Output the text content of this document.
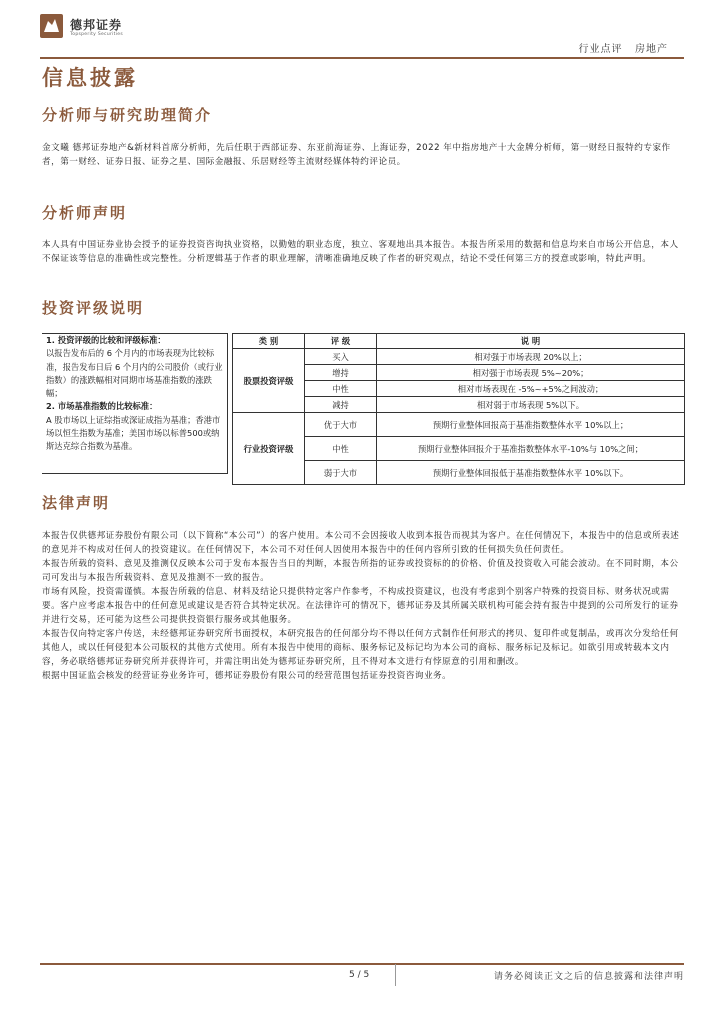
德邦证券
Topsperity Securities
行业点评 房地产
信息披露
分析师与研究助理简介
金文曦 德邦证券地产&新材料首席分析师，先后任职于西部证券、东亚前海证券、上海证券，2022 年中指房地产十大金牌分析师，第一财经日报特约专家作者，第一财经、证券日报、证券之星、国际金融报、乐居财经等主流财经媒体特约评论员。
分析师声明
本人具有中国证券业协会授予的证券投资咨询执业资格，以勤勉的职业态度，独立、客观地出具本报告。本报告所采用的数据和信息均来自市场公开信息，本人不保证该等信息的准确性或完整性。分析逻辑基于作者的职业理解，清晰准确地反映了作者的研究观点，结论不受任何第三方的授意或影响，特此声明。
投资评级说明

1. 投资评级的比较和评级标准：

以报告发布后的 6 个月内的市场表现为比较标准，报告发布日后 6 个月内的公司股价（或行业指数）的涨跌幅相对同期市场基准指数的涨跌幅；

2. 市场基准指数的比较标准：

A 股市场以上证综指或深证成指为基准；香港市场以恒生指数为基准；美国市场以标普500或纳斯达克综合指数为基准。

类 别	评 级	说 明
股票投资评级	买入	相对强于市场表现 20%以上；
	增持	相对强于市场表现 5%~20%；
	中性	相对市场表现在 -5%~+5%之间波动；
	减持	相对弱于市场表现 5%以下。
行业投资评级	优于大市	预期行业整体回报高于基准指数整体水平 10%以上；
	中性	预期行业整体回报介于基准指数整体水平-10%与 10%之间；
	弱于大市	预期行业整体回报低于基准指数整体水平 10%以下。
法律声明
本报告仅供德邦证券股份有限公司（以下简称“本公司”）的客户使用。本公司不会因接收人收到本报告而视其为客户。在任何情况下，本报告中的信息或所表述的意见并不构成对任何人的投资建议。在任何情况下，本公司不对任何人因使用本报告中的任何内容所引致的任何损失负任何责任。
本报告所载的资料、意见及推测仅反映本公司于发布本报告当日的判断，本报告所指的证券或投资标的的价格、价值及投资收入可能会波动。在不同时期，本公司可发出与本报告所载资料、意见及推测不一致的报告。
市场有风险，投资需谨慎。本报告所载的信息、材料及结论只提供特定客户作参考，不构成投资建议，也没有考虑到个别客户特殊的投资目标、财务状况或需要。客户应考虑本报告中的任何意见或建议是否符合其特定状况。在法律许可的情况下，德邦证券及其所属关联机构可能会持有报告中提到的公司所发行的证券并进行交易，还可能为这些公司提供投资银行服务或其他服务。
本报告仅向特定客户传送，未经德邦证券研究所书面授权，本研究报告的任何部分均不得以任何方式制作任何形式的拷贝、复印件或复制品，或再次分发给任何其他人，或以任何侵犯本公司版权的其他方式使用。所有本报告中使用的商标、服务标记及标记均为本公司的商标、服务标记及标记。如欲引用或转载本文内容，务必联络德邦证券研究所并获得许可，并需注明出处为德邦证券研究所，且不得对本文进行有悖原意的引用和删改。
根据中国证监会核发的经营证券业务许可，德邦证券股份有限公司的经营范围包括证券投资咨询业务。
5 / 5	请务必阅读正文之后的信息披露和法律声明
